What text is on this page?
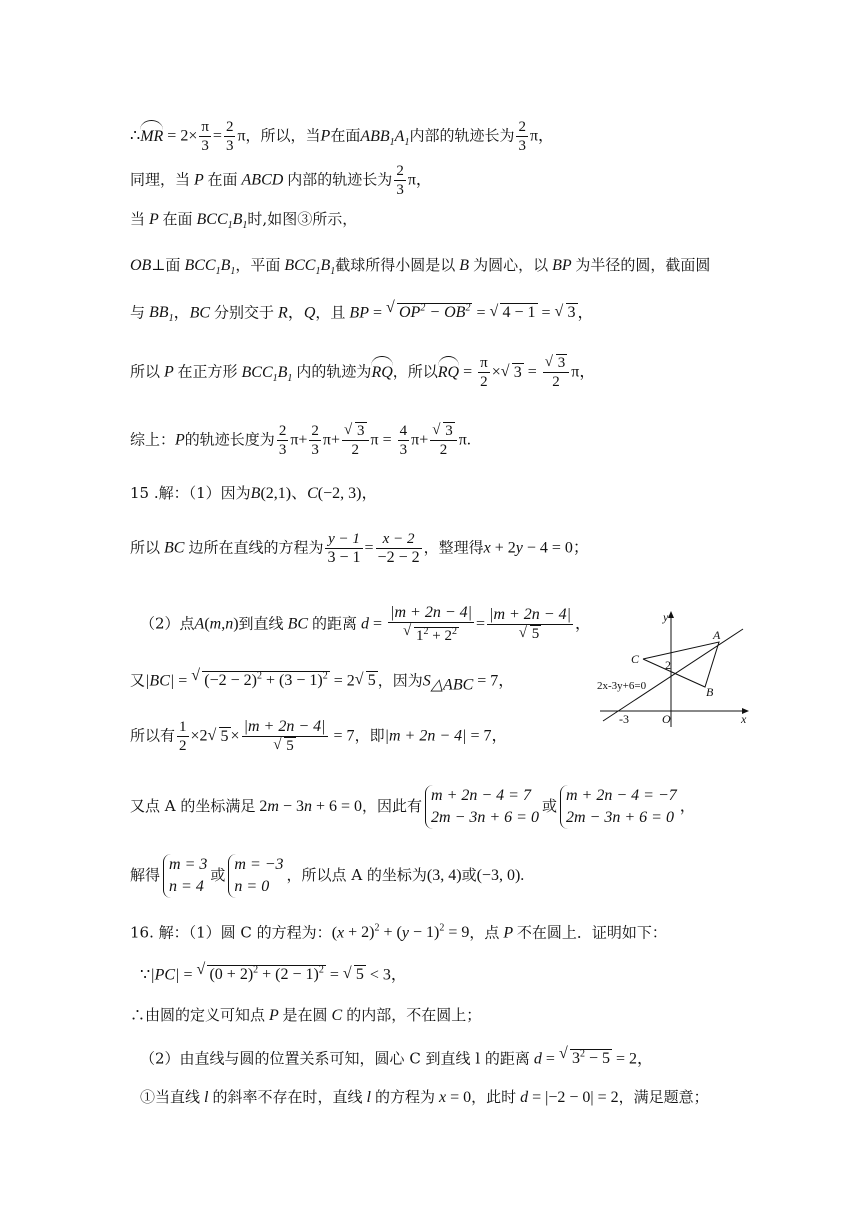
∴MR = $2\times \frac{\pi}{3} = \frac{2}{3}$ π，所以，当P在面$ABB_1A_1$内部的轨迹长为 $\frac{2}{3}$ π，
同理，当 P 在面 ABCD 内部的轨迹长为 $\frac{2}{3}$ π，
当 P 在面 $BCC_1B_1$时,如图③所示，
OB⊥面 $BCC_1B_1$，平面 $BCC_1B_1$截球所得小圆是以 B 为圆心，以 BP 为半径的圆，截面圆
与 $BB_1$，BC 分别交于 R，Q，且 BP = √ $OP^2 - OB^2$ = √ 4 − 1 = √ 3 ，
所以 P 在正方形 $BCC_1B_1$ 内的轨迹为RQ，所以RQ = $\frac{\pi}{2}$ ×√ 3 =
√ $\frac{3}{2}$ π，
综上：P的轨迹长度为 $\frac{2}{3} \pi+ \frac{2}{3} \pi+$
√ $\frac{3}{2}$ $\pi = \frac{4}{3} \pi+$
√ $\frac{3}{2} \pi$.
15 .解：（1）因为B(2,1)、C(−2, 3)，
所以 BC 边所在直线的方程为 $\frac{y - 1}{3 - 1} = \frac{x - 2}{-2 - 2}$ ，整理得x + 2y − 4 = 0；
（2）点A(m,n)到直线 BC 的距离 d = |m + 2n − 4|
√ $1^2 + 2^2 = |m + 2n - 4|$
√ 5 ，
又|BC| = √ $(-2 - 2)^2 + (3 - 1)^2 = 2√$ 5 ，因为$S_{\triangle ABC} = 7$，
所以有 $\frac{1}{2} \times 2√$ 5 × |m + 2n − 4|
√ 5 = 7，即|m + 2n − 4| = 7，
又点 A 的坐标满足 2m − 3n + 6 = 0，因此有
m + 2n − 4 = 7
2m − 3n + 6 = 0
或
m + 2n − 4 = −7
2m − 3n + 6 = 0
，
解得
m = 3
n = 4
或
m = −3
n = 0
，所以点 A 的坐标为(3, 4)或(−3, 0).
16. 解：（1）圆 C 的方程为：$(x + 2)^2 + (y - 1)^2 = 9$，点 P 不在圆上．证明如下：
∵|PC| = √ $(0 + 2)^2 + (2 - 1)^2$ = √ 5 < 3，
∴由圆的定义可知点 P 是在圆 C 的内部，不在圆上；
（2）由直线与圆的位置关系可知，圆心 C 到直线 l 的距离 d = √ $3^2 - 5 = 2$，
①当直线 l 的斜率不存在时，直线 l 的方程为 x = 0，此时 d = |−2 − 0| = 2，满足题意；
y
x
O
A
B
C 2
-3
2x-3y+6=0
